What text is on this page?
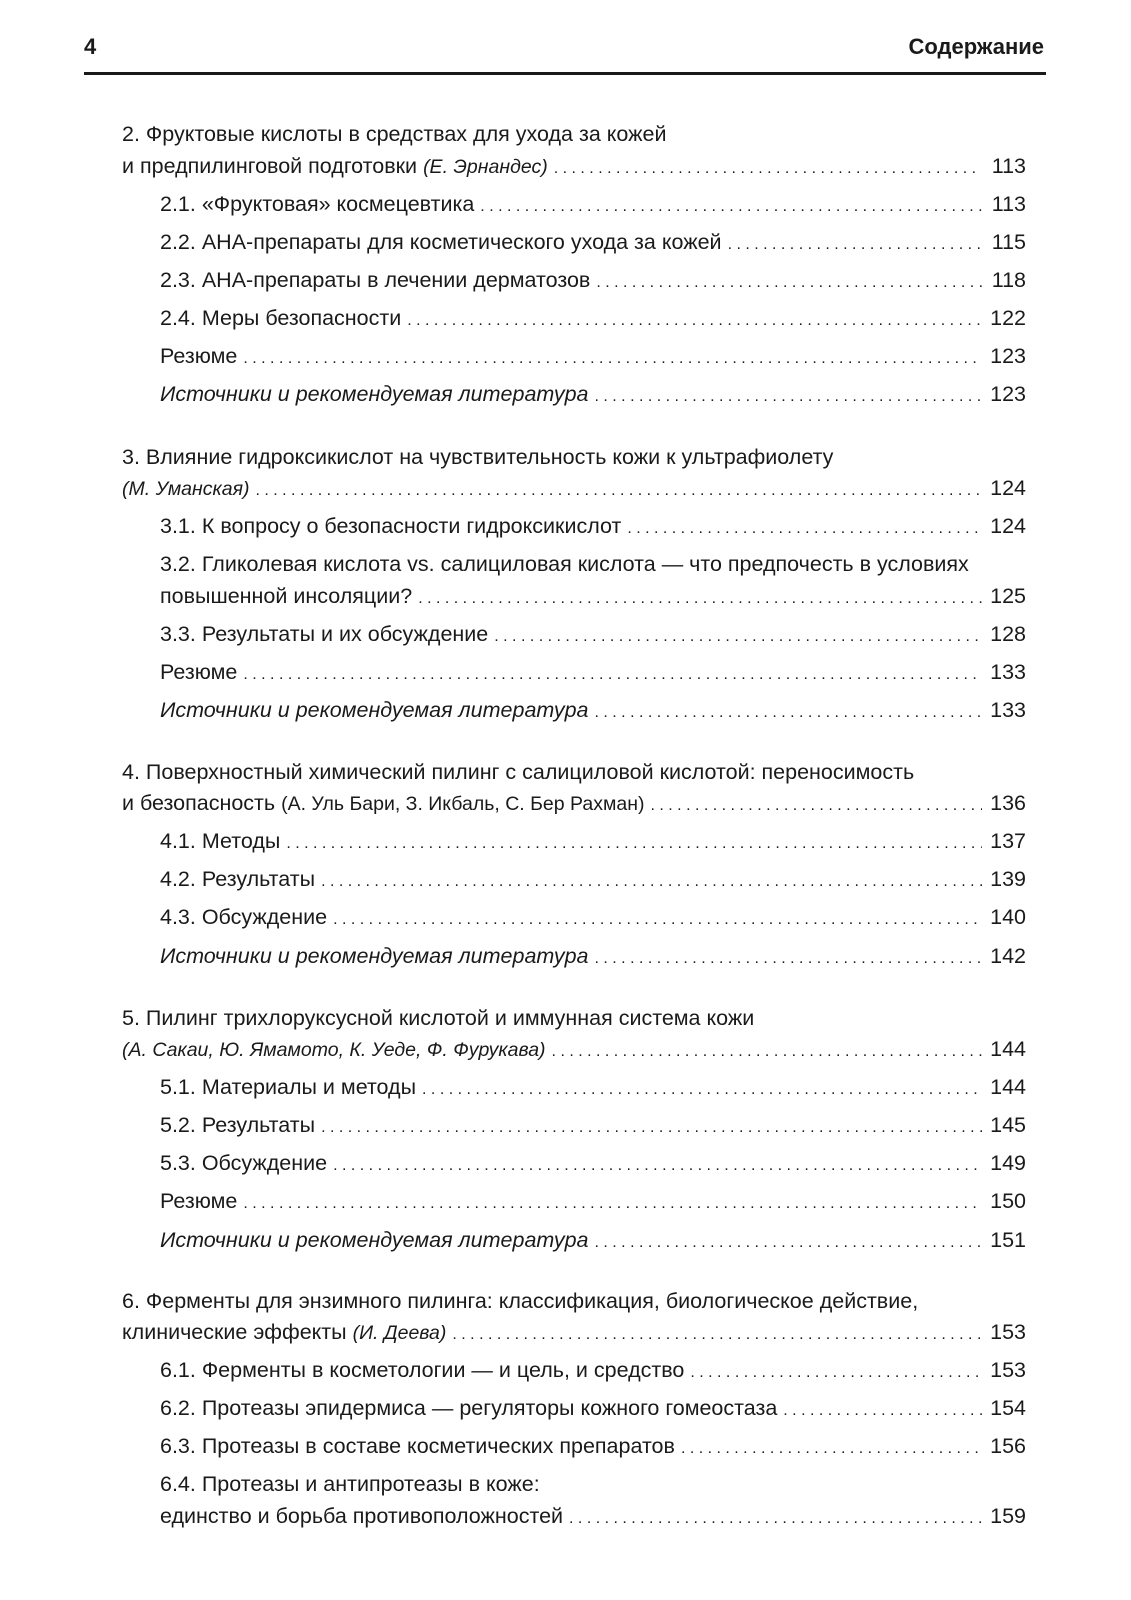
4	Содержание
2. Фруктовые кислоты в средствах для ухода за кожей
и предпилинговой подготовки (Е. Эрнандес) . . .	113
2.1. «Фруктовая» космецевтика . . .	113
2.2. АНА-препараты для косметического ухода за кожей . . .	115
2.3. АНА-препараты в лечении дерматозов . . .	118
2.4. Меры безопасности . . .	122
Резюме . . .	123
Источники и рекомендуемая литература . . .	123
3. Влияние гидроксикислот на чувствительность кожи к ультрафиолету
(М. Уманская) . . .	124
3.1. К вопросу о безопасности гидроксикислот . . .	124
3.2. Гликолевая кислота vs. салициловая кислота — что предпочесть в условиях
повышенной инсоляции? . . .	125
3.3. Результаты и их обсуждение . . .	128
Резюме . . .	133
Источники и рекомендуемая литература . . .	133
4. Поверхностный химический пилинг с салициловой кислотой: переносимость
и безопасность (А. Уль Бари, З. Икбаль, С. Бер Рахман) . . .	136
4.1. Методы . . .	137
4.2. Результаты . . .	139
4.3. Обсуждение . . .	140
Источники и рекомендуемая литература . . .	142
5. Пилинг трихлоруксусной кислотой и иммунная система кожи
(А. Сакаи, Ю. Ямамото, К. Уеде, Ф. Фурукава) . . .	144
5.1. Материалы и методы . . .	144
5.2. Результаты . . .	145
5.3. Обсуждение . . .	149
Резюме . . .	150
Источники и рекомендуемая литература . . .	151
6. Ферменты для энзимного пилинга: классификация, биологическое действие,
клинические эффекты (И. Деева) . . .	153
6.1. Ферменты в косметологии — и цель, и средство . . .	153
6.2. Протеазы эпидермиса — регуляторы кожного гомеостаза . . .	154
6.3. Протеазы в составе косметических препаратов . . .	156
6.4. Протеазы и антипротеазы в коже:
единство и борьба противоположностей . . .	159
